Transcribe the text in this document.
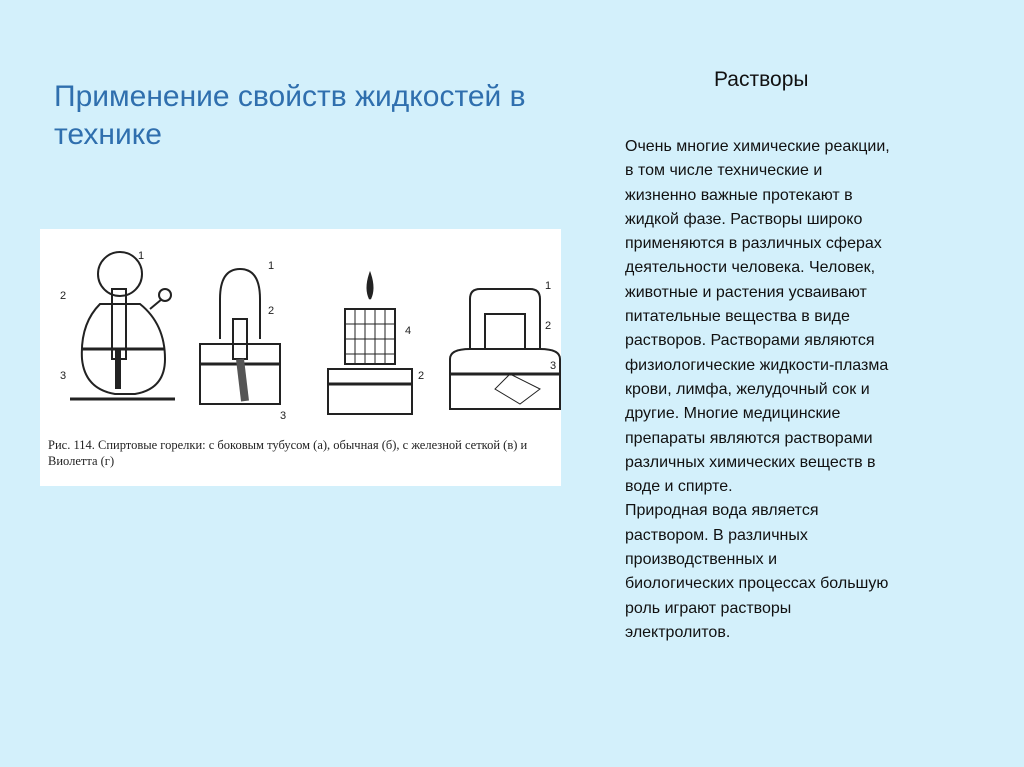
Применение свойств жидкостей в технике
Растворы
Очень многие химические реакции,
в том числе технические и
жизненно важные протекают в
жидкой фазе. Растворы широко
применяются в различных сферах
деятельности человека. Человек,
животные и растения усваивают
питательные вещества в виде
растворов. Растворами являются
физиологические жидкости-плазма
крови, лимфа, желудочный сок и
другие. Многие медицинские
препараты являются растворами
различных химических веществ в
воде и спирте.
Природная вода является
раствором. В различных
производственных и
биологических процессах большую
роль играют растворы
электролитов.
1
2
3
1
2
3
4
2
1
2
3
Рис. 114. Спиртовые горелки: с боковым тубусом (а), обычная (б), с железной сеткой (в) и Виолетта (г)
